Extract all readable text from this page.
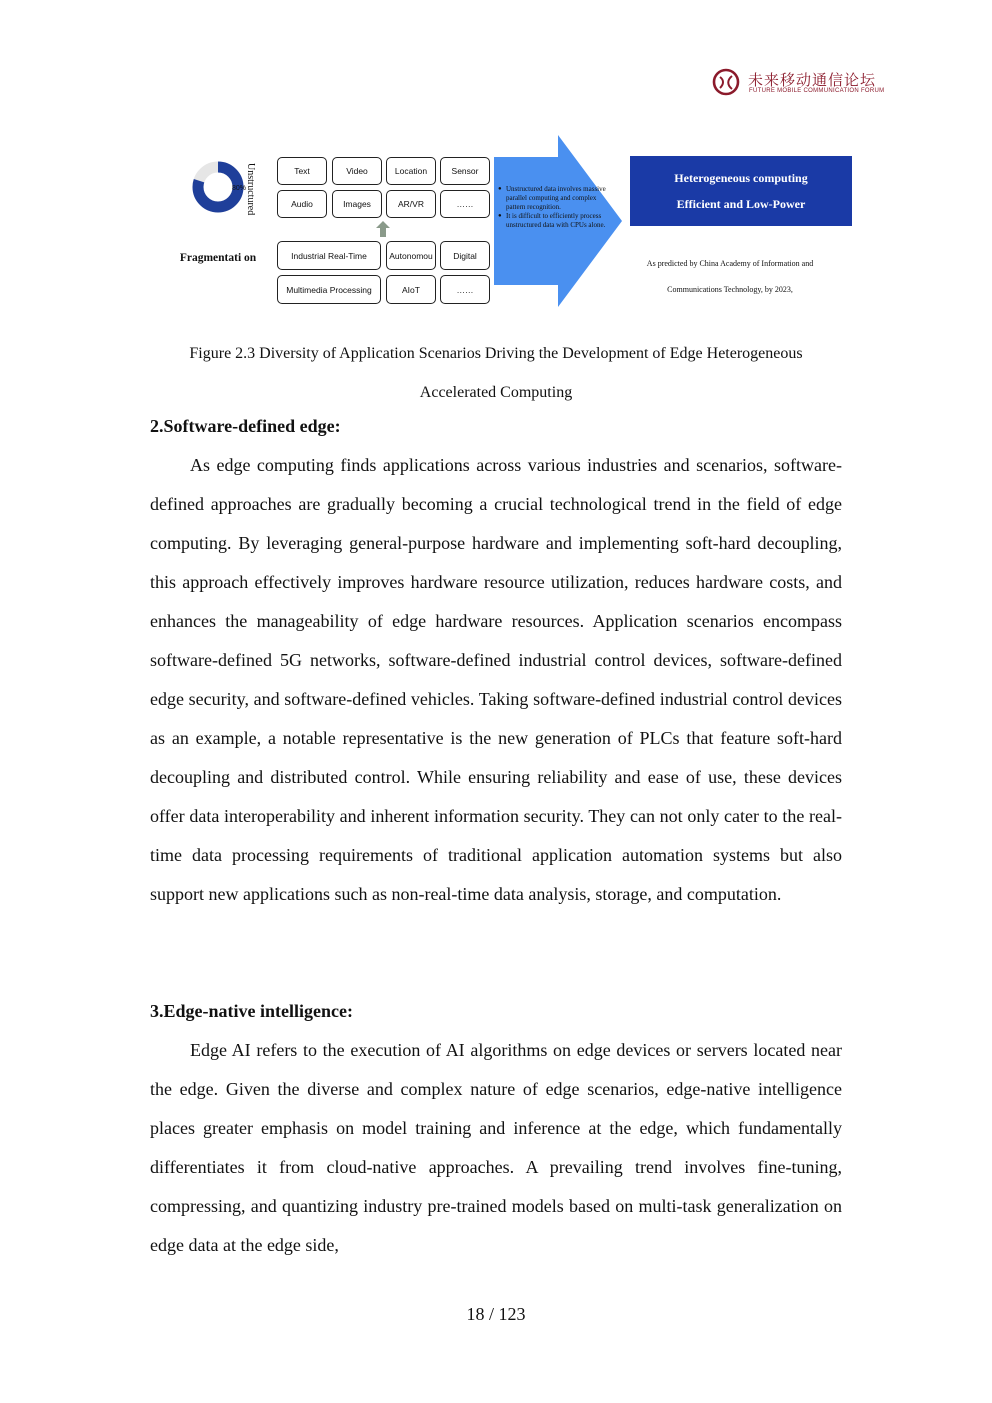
未来移动通信论坛
FUTURE MOBILE COMMUNICATION FORUM
80%
Unstructured
Fragmentati on
Text	Video	Location	Sensor
Audio	Images	AR/VR	……
Industrial Real-Time	Autonomou	Digital
Multimedia Processing	AIoT	……
● Unstructured data involves massive parallel computing and complex pattern recognition.
● It is difficult to efficiently process unstructured data with CPUs alone.
Heterogeneous computing
Efficient and Low-Power
As predicted by China Academy of Information and Communications Technology, by 2023,
Figure 2.3 Diversity of Application Scenarios Driving the Development of Edge Heterogeneous Accelerated Computing
2.Software-defined edge:
As edge computing finds applications across various industries and scenarios, software-defined approaches are gradually becoming a crucial technological trend in the field of edge computing. By leveraging general-purpose hardware and implementing soft-hard decoupling, this approach effectively improves hardware resource utilization, reduces hardware costs, and enhances the manageability of edge hardware resources. Application scenarios encompass software-defined 5G networks, software-defined industrial control devices, software-defined edge security, and software-defined vehicles. Taking software-defined industrial control devices as an example, a notable representative is the new generation of PLCs that feature soft-hard decoupling and distributed control. While ensuring reliability and ease of use, these devices offer data interoperability and inherent information security. They can not only cater to the real-time data processing requirements of traditional application automation systems but also support new applications such as non-real-time data analysis, storage, and computation.
3.Edge-native intelligence:
Edge AI refers to the execution of AI algorithms on edge devices or servers located near the edge. Given the diverse and complex nature of edge scenarios, edge-native intelligence places greater emphasis on model training and inference at the edge, which fundamentally differentiates it from cloud-native approaches. A prevailing trend involves fine-tuning, compressing, and quantizing industry pre-trained models based on multi-task generalization on edge data at the edge side,
18 / 123
